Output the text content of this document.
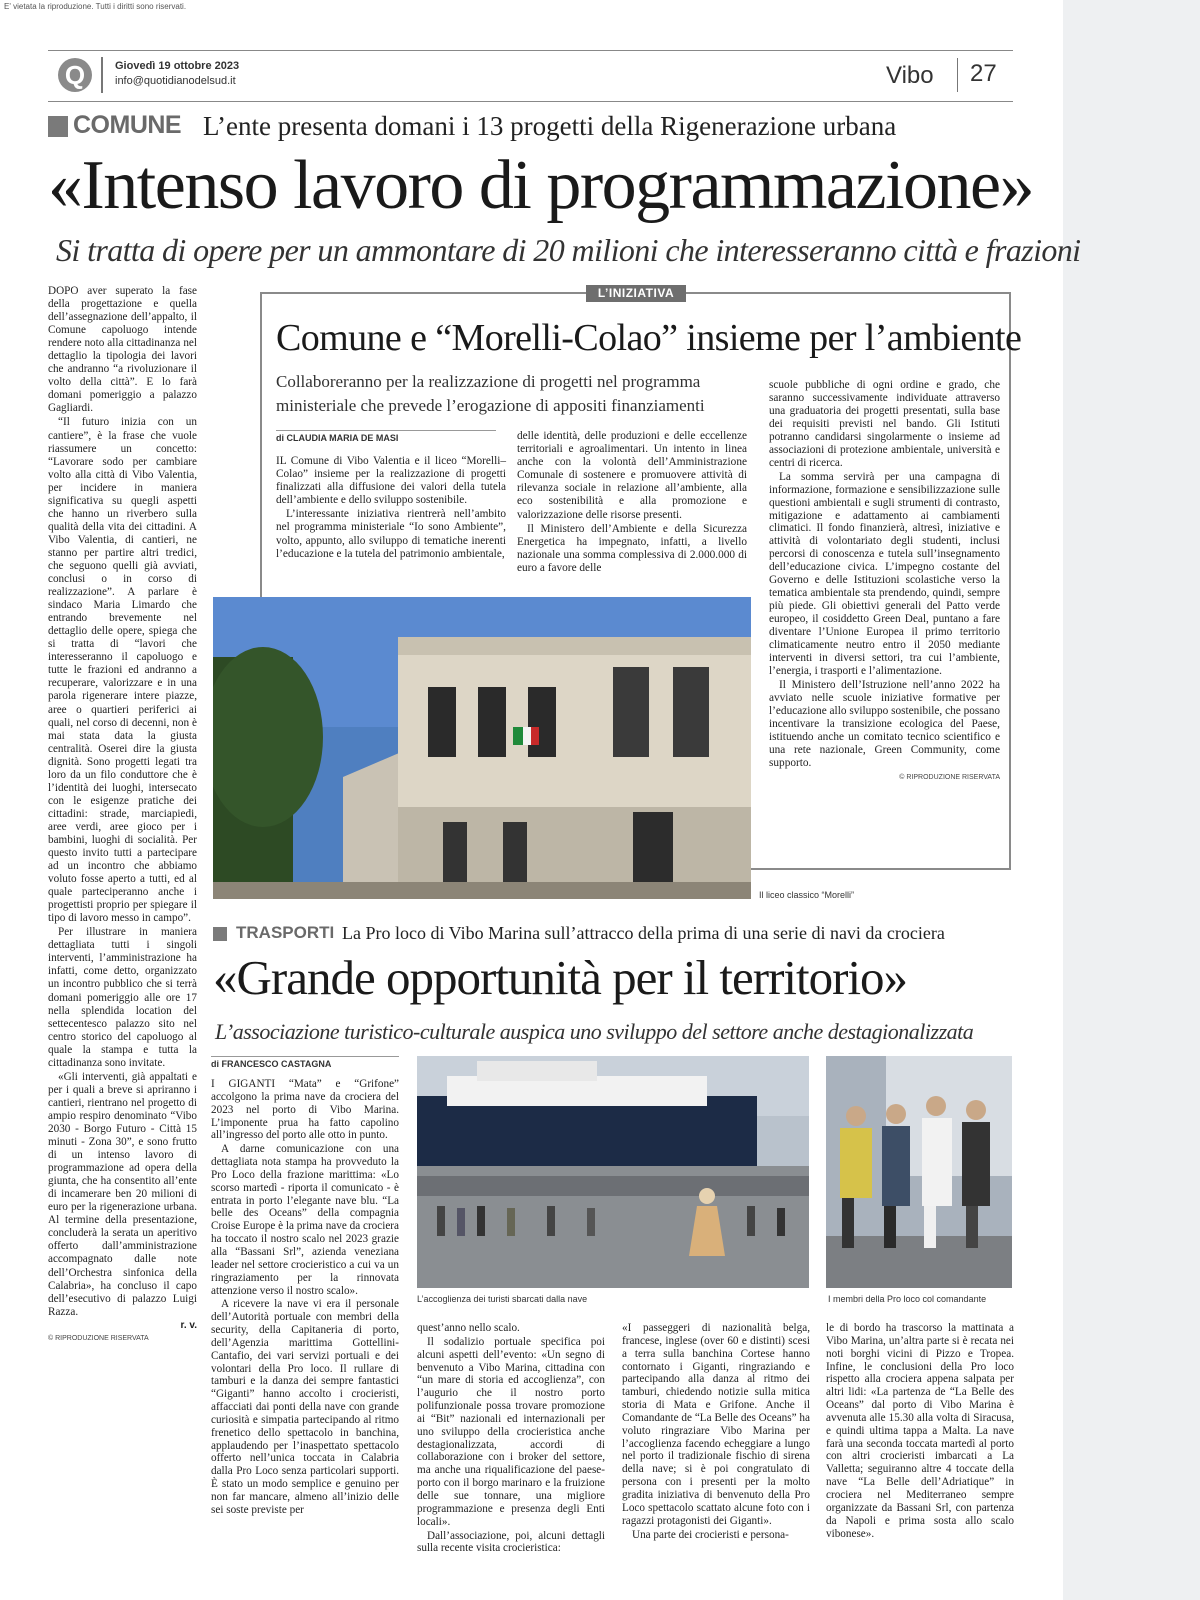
E' vietata la riproduzione. Tutti i diritti sono riservati.
Q	Giovedì 19 ottobre 2023
info@quotidianodelsud.it	Vibo 27
COMUNE L’ente presenta domani i 13 progetti della Rigenerazione urbana
«Intenso lavoro di programmazione»
Si tratta di opere per un ammontare di 20 milioni che interesseranno città e frazioni

DOPO aver superato la fase della progettazione e quella dell’assegnazione dell’appalto, il Comune capoluogo intende rendere noto alla cittadinanza nel dettaglio la tipologia dei lavori che andranno “a rivoluzionare il volto della città”. E lo farà domani pomeriggio a palazzo Gagliardi.

“Il futuro inizia con un cantiere”, è la frase che vuole riassumere un concetto: “Lavorare sodo per cambiare volto alla città di Vibo Valentia, per incidere in maniera significativa su quegli aspetti che hanno un riverbero sulla qualità della vita dei cittadini. A Vibo Valentia, di cantieri, ne stanno per partire altri tredici, che seguono quelli già avviati, conclusi o in corso di realizzazione”. A parlare è sindaco Maria Limardo che entrando brevemente nel dettaglio delle opere, spiega che si tratta di “lavori che interesseranno il capoluogo e tutte le frazioni ed andranno a recuperare, valorizzare e in una parola rigenerare intere piazze, aree o quartieri periferici ai quali, nel corso di decenni, non è mai stata data la giusta centralità. Oserei dire la giusta dignità. Sono progetti legati tra loro da un filo conduttore che è l’identità dei luoghi, intersecato con le esigenze pratiche dei cittadini: strade, marciapiedi, aree verdi, aree gioco per i bambini, luoghi di socialità. Per questo invito tutti a partecipare ad un incontro che abbiamo voluto fosse aperto a tutti, ed al quale parteciperanno anche i progettisti proprio per spiegare il tipo di lavoro messo in campo”.

Per illustrare in maniera dettagliata tutti i singoli interventi, l’amministrazione ha infatti, come detto, organizzato un incontro pubblico che si terrà domani pomeriggio alle ore 17 nella splendida location del settecentesco palazzo sito nel centro storico del capoluogo al quale la stampa e tutta la cittadinanza sono invitate.

«Gli interventi, già appaltati e per i quali a breve si apriranno i cantieri, rientrano nel progetto di ampio respiro denominato “Vibo 2030 - Borgo Futuro - Città 15 minuti - Zona 30”, e sono frutto di un intenso lavoro di programmazione ad opera della giunta, che ha consentito all’ente di incamerare ben 20 milioni di euro per la rigenerazione urbana. Al termine della presentazione, concluderà la serata un aperitivo offerto dall’amministrazione accompagnato dalle note dell’Orchestra sinfonica della Calabria», ha concluso il capo dell’esecutivo di palazzo Luigi Razza.

r. v.
© RIPRODUZIONE RISERVATA
L’INIZIATIVA
Comune e “Morelli-Colao” insieme per l’ambiente
Collaboreranno per la realizzazione di progetti nel programma ministeriale che prevede l’erogazione di appositi finanziamenti
di CLAUDIA MARIA DE MASI

IL Comune di Vibo Valentia e il liceo “Morelli–Colao” insieme per la realizzazione di progetti finalizzati alla diffusione dei valori della tutela dell’ambiente e dello sviluppo sostenibile.

L’interessante iniziativa rientrerà nell’ambito nel programma ministeriale “Io sono Ambiente”, volto, appunto, allo sviluppo di tematiche inerenti l’educazione e la tutela del patrimonio ambientale,

delle identità, delle produzioni e delle eccellenze territoriali e agroalimentari. Un intento in linea anche con la volontà dell’Amministrazione Comunale di sostenere e promuovere attività di rilevanza sociale in relazione all’ambiente, alla eco sostenibilità e alla promozione e valorizzazione delle risorse presenti.

Il Ministero dell’Ambiente e della Sicurezza Energetica ha impegnato, infatti, a livello nazionale una somma complessiva di 2.000.000 di euro a favore delle

scuole pubbliche di ogni ordine e grado, che saranno successivamente individuate attraverso una graduatoria dei progetti presentati, sulla base dei requisiti previsti nel bando. Gli Istituti potranno candidarsi singolarmente o insieme ad associazioni di protezione ambientale, università e centri di ricerca.

La somma servirà per una campagna di informazione, formazione e sensibilizzazione sulle questioni ambientali e sugli strumenti di contrasto, mitigazione e adattamento ai cambiamenti climatici. Il fondo finanzierà, altresì, iniziative e attività di volontariato degli studenti, inclusi percorsi di conoscenza e tutela sull’insegnamento dell’educazione civica. L’impegno costante del Governo e delle Istituzioni scolastiche verso la tematica ambientale sta prendendo, quindi, sempre più piede. Gli obiettivi generali del Patto verde europeo, il cosiddetto Green Deal, puntano a fare diventare l’Unione Europea il primo territorio climaticamente neutro entro il 2050 mediante interventi in diversi settori, tra cui l’ambiente, l’energia, i trasporti e l’alimentazione.

Il Ministero dell’Istruzione nell’anno 2022 ha avviato nelle scuole iniziative formative per l’educazione allo sviluppo sostenibile, che possano incentivare la transizione ecologica del Paese, istituendo anche un comitato tecnico scientifico e una rete nazionale, Green Community, come supporto.

© RIPRODUZIONE RISERVATA
Il liceo classico “Morelli”
TRASPORTI La Pro loco di Vibo Marina sull’attracco della prima di una serie di navi da crociera
«Grande opportunità per il territorio»
L’associazione turistico-culturale auspica uno sviluppo del settore anche destagionalizzata
di FRANCESCO CASTAGNA

I GIGANTI “Mata” e “Grifone” accolgono la prima nave da crociera del 2023 nel porto di Vibo Marina. L’imponente prua ha fatto capolino all’ingresso del porto alle otto in punto.

A darne comunicazione con una dettagliata nota stampa ha provveduto la Pro Loco della frazione marittima: «Lo scorso martedì - riporta il comunicato - è entrata in porto l’elegante nave blu. “La belle des Oceans” della compagnia Croise Europe è la prima nave da crociera ha toccato il nostro scalo nel 2023 grazie alla “Bassani Srl”, azienda veneziana leader nel settore crocieristico a cui va un ringraziamento per la rinnovata attenzione verso il nostro scalo».

A ricevere la nave vi era il personale dell’Autorità portuale con membri della security, della Capitaneria di porto, dell’Agenzia marittima Gottellini-Cantafio, dei vari servizi portuali e dei volontari della Pro loco. Il rullare di tamburi e la danza dei sempre fantastici “Giganti” hanno accolto i crocieristi, affacciati dai ponti della nave con grande curiosità e simpatia partecipando al ritmo frenetico dello spettacolo in banchina, applaudendo per l’inaspettato spettacolo offerto nell’unica toccata in Calabria dalla Pro Loco senza particolari supporti. È stato un modo semplice e genuino per non far mancare, almeno all’inizio delle sei soste previste per

L’accoglienza dei turisti sbarcati dalla nave	I membri della Pro loco col comandante

quest’anno nello scalo.

Il sodalizio portuale specifica poi alcuni aspetti dell’evento: «Un segno di benvenuto a Vibo Marina, cittadina con “un mare di storia ed accoglienza”, con l’augurio che il nostro porto polifunzionale possa trovare promozione ai “Bit” nazionali ed internazionali per uno sviluppo della crocieristica anche destagionalizzata, accordi di collaborazione con i broker del settore, ma anche una riqualificazione del paese-porto con il borgo marinaro e la fruizione delle sue tonnare, una migliore programmazione e presenza degli Enti locali».

Dall’associazione, poi, alcuni dettagli sulla recente visita crocieristica:

«I passeggeri di nazionalità belga, francese, inglese (over 60 e distinti) scesi a terra sulla banchina Cortese hanno contornato i Giganti, ringraziando e partecipando alla danza al ritmo dei tamburi, chiedendo notizie sulla mitica storia di Mata e Grifone. Anche il Comandante de “La Belle des Oceans” ha voluto ringraziare Vibo Marina per l’accoglienza facendo echeggiare a lungo nel porto il tradizionale fischio di sirena della nave; si è poi congratulato di persona con i presenti per la molto gradita iniziativa di benvenuto della Pro Loco spettacolo scattato alcune foto con i ragazzi protagonisti dei Giganti».

Una parte dei crocieristi e persona-

le di bordo ha trascorso la mattinata a Vibo Marina, un’altra parte si è recata nei noti borghi vicini di Pizzo e Tropea. Infine, le conclusioni della Pro loco rispetto alla crociera appena salpata per altri lidi: «La partenza de “La Belle des Oceans” dal porto di Vibo Marina è avvenuta alle 15.30 alla volta di Siracusa, e quindi ultima tappa a Malta. La nave farà una seconda toccata martedì al porto con altri crocieristi imbarcati a La Valletta; seguiranno altre 4 toccate della nave “La Belle dell’Adriatique” in crociera nel Mediterraneo sempre organizzate da Bassani Srl, con partenza da Napoli e prima sosta allo scalo vibonese».
